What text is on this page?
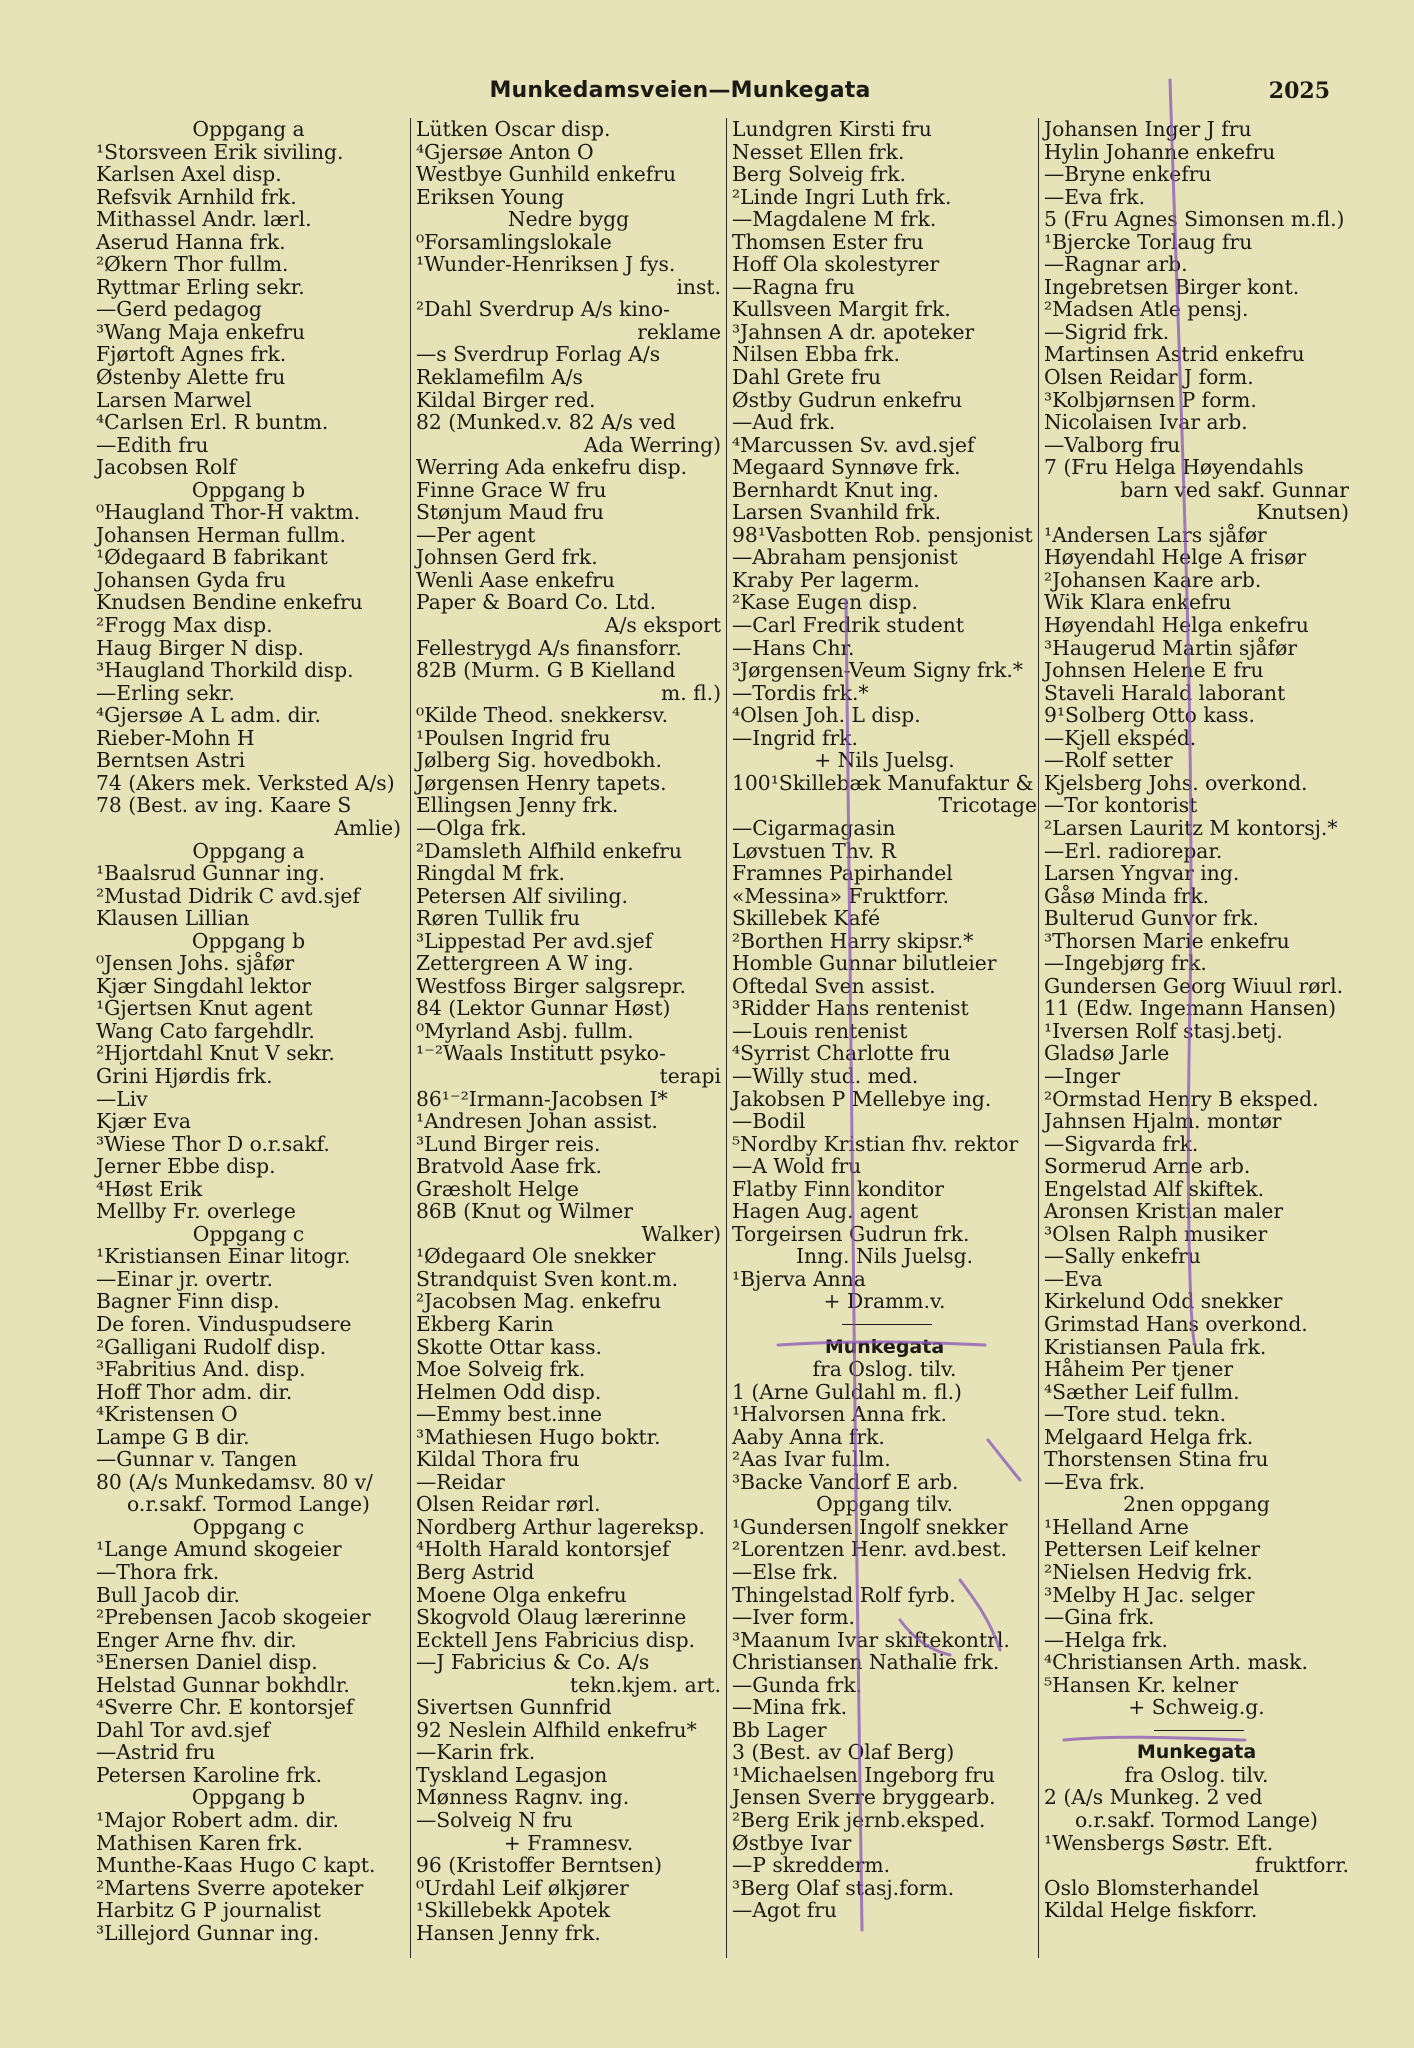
Munkedamsveien—Munkegata	2025
Oppgang a
¹Storsveen Erik siviling.
Karlsen Axel disp.
Refsvik Arnhild frk.
Mithassel Andr. lærl.
Aserud Hanna frk.
²Økern Thor fullm.
Ryttmar Erling sekr.
—Gerd pedagog
³Wang Maja enkefru
Fjørtoft Agnes frk.
Østenby Alette fru
Larsen Marwel
⁴Carlsen Erl. R buntm.
—Edith fru
Jacobsen Rolf
Oppgang b
⁰Haugland Thor-H vaktm.
Johansen Herman fullm.
¹Ødegaard B fabrikant
Johansen Gyda fru
Knudsen Bendine enkefru
²Frogg Max disp.
Haug Birger N disp.
³Haugland Thorkild disp.
—Erling sekr.
⁴Gjersøe A L adm. dir.
Rieber-Mohn H
Berntsen Astri
74 (Akers mek. Verksted A/s)
78 (Best. av ing. Kaare S
Amlie)
Oppgang a
¹Baalsrud Gunnar ing.
²Mustad Didrik C avd.sjef
Klausen Lillian
Oppgang b
⁰Jensen Johs. sjåfør
Kjær Singdahl lektor
¹Gjertsen Knut agent
Wang Cato fargehdlr.
²Hjortdahl Knut V sekr.
Grini Hjørdis frk.
—Liv
Kjær Eva
³Wiese Thor D o.r.sakf.
Jerner Ebbe disp.
⁴Høst Erik
Mellby Fr. overlege
Oppgang c
¹Kristiansen Einar litogr.
—Einar jr. overtr.
Bagner Finn disp.
De foren. Vinduspudsere
²Galligani Rudolf disp.
³Fabritius And. disp.
Hoff Thor adm. dir.
⁴Kristensen O
Lampe G B dir.
—Gunnar v. Tangen
80 (A/s Munkedamsv. 80 v/
o.r.sakf. Tormod Lange)
Oppgang c
¹Lange Amund skogeier
—Thora frk.
Bull Jacob dir.
²Prebensen Jacob skogeier
Enger Arne fhv. dir.
³Enersen Daniel disp.
Helstad Gunnar bokhdlr.
⁴Sverre Chr. E kontorsjef
Dahl Tor avd.sjef
—Astrid fru
Petersen Karoline frk.
Oppgang b
¹Major Robert adm. dir.
Mathisen Karen frk.
Munthe-Kaas Hugo C kapt.
²Martens Sverre apoteker
Harbitz G P journalist
³Lillejord Gunnar ing.
Lütken Oscar disp.
⁴Gjersøe Anton O
Westbye Gunhild enkefru
Eriksen Young
Nedre bygg
⁰Forsamlingslokale
¹Wunder-Henriksen J fys.
inst.
²Dahl Sverdrup A/s kino-
reklame
—s Sverdrup Forlag A/s
Reklamefilm A/s
Kildal Birger red.
82 (Munked.v. 82 A/s ved
Ada Werring)
Werring Ada enkefru disp.
Finne Grace W fru
Stønjum Maud fru
—Per agent
Johnsen Gerd frk.
Wenli Aase enkefru
Paper & Board Co. Ltd.
A/s eksport
Fellestrygd A/s finansforr.
82B (Murm. G B Kielland
m. fl.)
⁰Kilde Theod. snekkersv.
¹Poulsen Ingrid fru
Jølberg Sig. hovedbokh.
Jørgensen Henry tapets.
Ellingsen Jenny frk.
—Olga frk.
²Damsleth Alfhild enkefru
Ringdal M frk.
Petersen Alf siviling.
Røren Tullik fru
³Lippestad Per avd.sjef
Zettergreen A W ing.
Westfoss Birger salgsrepr.
84 (Lektor Gunnar Høst)
⁰Myrland Asbj. fullm.
¹⁻²Waals Institutt psyko-
terapi
86¹⁻²Irmann-Jacobsen I*
¹Andresen Johan assist.
³Lund Birger reis.
Bratvold Aase frk.
Græsholt Helge
86B (Knut og Wilmer
Walker)
¹Ødegaard Ole snekker
Strandquist Sven kont.m.
²Jacobsen Mag. enkefru
Ekberg Karin
Skotte Ottar kass.
Moe Solveig frk.
Helmen Odd disp.
—Emmy best.inne
³Mathiesen Hugo boktr.
Kildal Thora fru
—Reidar
Olsen Reidar rørl.
Nordberg Arthur lagereksp.
⁴Holth Harald kontorsjef
Berg Astrid
Moene Olga enkefru
Skogvold Olaug lærerinne
Ecktell Jens Fabricius disp.
—J Fabricius & Co. A/s
tekn.kjem. art.
Sivertsen Gunnfrid
92 Neslein Alfhild enkefru*
—Karin frk.
Tyskland Legasjon
Mønness Ragnv. ing.
—Solveig N fru
+ Framnesv.
96 (Kristoffer Berntsen)
⁰Urdahl Leif ølkjører
¹Skillebekk Apotek
Hansen Jenny frk.
Lundgren Kirsti fru
Nesset Ellen frk.
Berg Solveig frk.
²Linde Ingri Luth frk.
—Magdalene M frk.
Thomsen Ester fru
Hoff Ola skolestyrer
—Ragna fru
Kullsveen Margit frk.
³Jahnsen A dr. apoteker
Nilsen Ebba frk.
Dahl Grete fru
Østby Gudrun enkefru
—Aud frk.
⁴Marcussen Sv. avd.sjef
Megaard Synnøve frk.
Bernhardt Knut ing.
Larsen Svanhild frk.
98¹Vasbotten Rob. pensjonist
—Abraham pensjonist
Kraby Per lagerm.
²Kase Eugen disp.
—Carl Fredrik student
—Hans Chr.
³Jørgensen-Veum Signy frk.*
—Tordis frk.*
⁴Olsen Joh. L disp.
—Ingrid frk.
+ Nils Juelsg.
100¹Skillebæk Manufaktur &
Tricotage
—Cigarmagasin
Løvstuen Thv. R
Framnes Papirhandel
«Messina» Fruktforr.
Skillebek Kafé
²Borthen Harry skipsr.*
Homble Gunnar bilutleier
Oftedal Sven assist.
³Ridder Hans rentenist
—Louis rentenist
⁴Syrrist Charlotte fru
—Willy stud. med.
Jakobsen P Mellebye ing.
—Bodil
⁵Nordby Kristian fhv. rektor
—A Wold fru
Flatby Finn konditor
Hagen Aug. agent
Torgeirsen Gudrun frk.
Inng. Nils Juelsg.
¹Bjerva Anna
+ Dramm.v.
Munkegata
fra Oslog. tilv.
1 (Arne Guldahl m. fl.)
¹Halvorsen Anna frk.
Aaby Anna frk.
²Aas Ivar fullm.
³Backe Vandorf E arb.
Oppgang tilv.
¹Gundersen Ingolf snekker
²Lorentzen Henr. avd.best.
—Else frk.
Thingelstad Rolf fyrb.
—Iver form.
³Maanum Ivar skiftekontrl.
Christiansen Nathalie frk.
—Gunda frk.
—Mina frk.
Bb Lager
3 (Best. av Olaf Berg)
¹Michaelsen Ingeborg fru
Jensen Sverre bryggearb.
²Berg Erik jernb.eksped.
Østbye Ivar
—P skredderm.
³Berg Olaf stasj.form.
—Agot fru
Johansen Inger J fru
Hylin Johanne enkefru
—Bryne enkefru
—Eva frk.
5 (Fru Agnes Simonsen m.fl.)
¹Bjercke Torlaug fru
—Ragnar arb.
Ingebretsen Birger kont.
²Madsen Atle pensj.
—Sigrid frk.
Martinsen Astrid enkefru
Olsen Reidar J form.
³Kolbjørnsen P form.
Nicolaisen Ivar arb.
—Valborg fru
7 (Fru Helga Høyendahls
barn ved sakf. Gunnar
Knutsen)
¹Andersen Lars sjåfør
Høyendahl Helge A frisør
²Johansen Kaare arb.
Wik Klara enkefru
Høyendahl Helga enkefru
³Haugerud Martin sjåfør
Johnsen Helene E fru
Staveli Harald laborant
9¹Solberg Otto kass.
—Kjell ekspéd.
—Rolf setter
Kjelsberg Johs. overkond.
—Tor kontorist
²Larsen Lauritz M kontorsj.*
—Erl. radiorepar.
Larsen Yngvar ing.
Gåsø Minda frk.
Bulterud Gunvor frk.
³Thorsen Marie enkefru
—Ingebjørg frk.
Gundersen Georg Wiuul rørl.
11 (Edw. Ingemann Hansen)
¹Iversen Rolf stasj.betj.
Gladsø Jarle
—Inger
²Ormstad Henry B eksped.
Jahnsen Hjalm. montør
—Sigvarda frk.
Sormerud Arne arb.
Engelstad Alf skiftek.
Aronsen Kristian maler
³Olsen Ralph musiker
—Sally enkefru
—Eva
Kirkelund Odd snekker
Grimstad Hans overkond.
Kristiansen Paula frk.
Håheim Per tjener
⁴Sæther Leif fullm.
—Tore stud. tekn.
Melgaard Helga frk.
Thorstensen Stina fru
—Eva frk.
2nen oppgang
¹Helland Arne
Pettersen Leif kelner
²Nielsen Hedvig frk.
³Melby H Jac. selger
—Gina frk.
—Helga frk.
⁴Christiansen Arth. mask.
⁵Hansen Kr. kelner
+ Schweig.g.
Munkegata
fra Oslog. tilv.
2 (A/s Munkeg. 2 ved
o.r.sakf. Tormod Lange)
¹Wensbergs Søstr. Eft.
fruktforr.
Oslo Blomsterhandel
Kildal Helge fiskforr.
